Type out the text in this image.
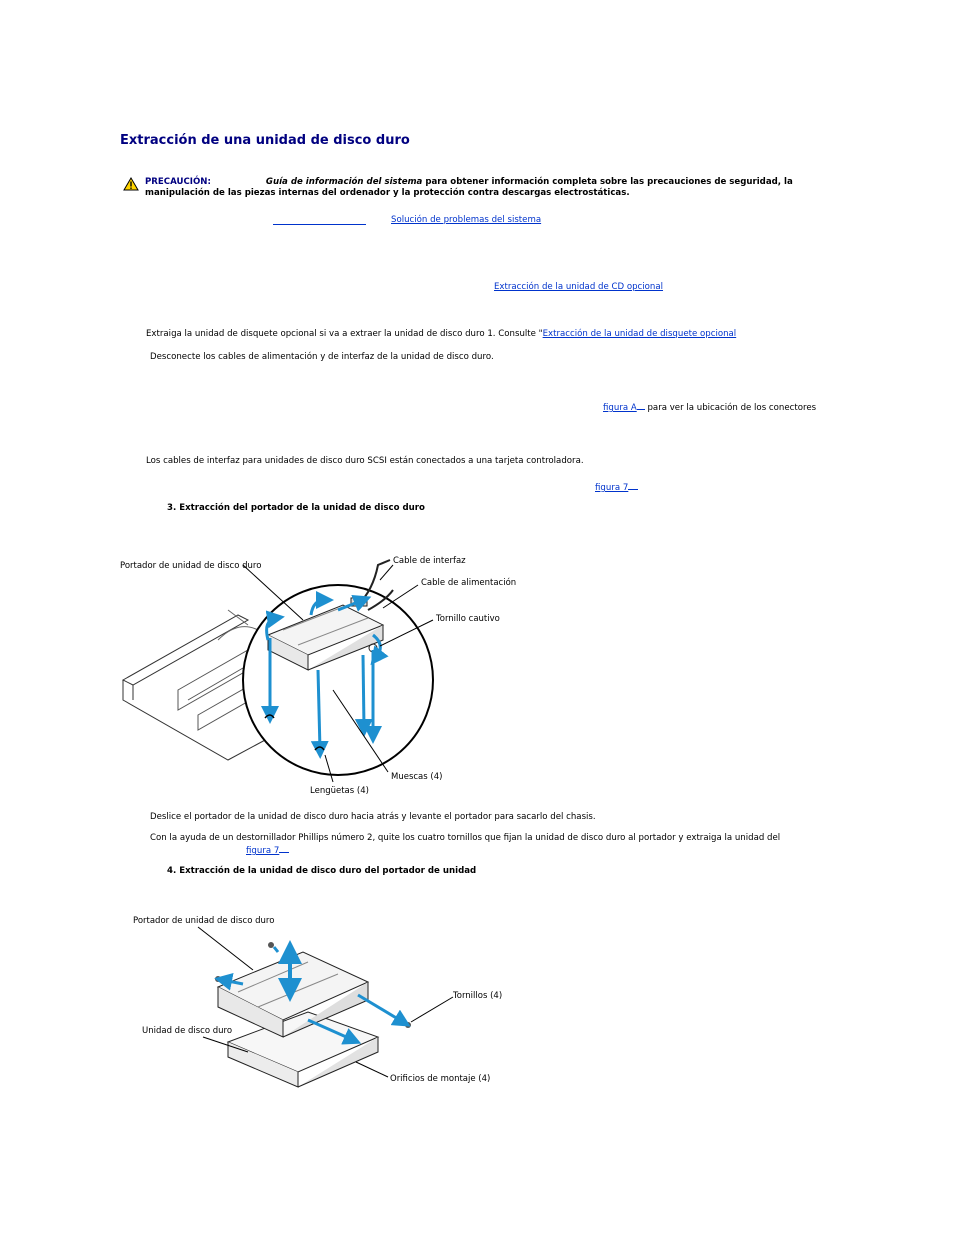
Extracción de una unidad de disco duro
PRECAUCIÓN:	Guía de información del sistema para obtener información completa sobre las precauciones de seguridad, la manipulación de las piezas internas del ordenador y la protección contra descargas electrostáticas.
Solución de problemas del sistema
Extracción de la unidad de CD opcional
Extraiga la unidad de disquete opcional si va a extraer la unidad de disco duro 1. Consulte "Extracción de la unidad de disquete opcional
Desconecte los cables de alimentación y de interfaz de la unidad de disco duro.
figura A para ver la ubicación de los conectores
Los cables de interfaz para unidades de disco duro SCSI están conectados a una tarjeta controladora.
figura 7
3. Extracción del portador de la unidad de disco duro
Portador de unidad de disco duro	Cable de interfaz
Cable de alimentación
Tornillo cautivo
Muescas (4)
Lengüetas (4)
Deslice el portador de la unidad de disco duro hacia atrás y levante el portador para sacarlo del chasis.
Con la ayuda de un destornillador Phillips número 2, quite los cuatro tornillos que fijan la unidad de disco duro al portador y extraiga la unidad del
figura 7
4. Extracción de la unidad de disco duro del portador de unidad
Portador de unidad de disco duro
Tornillos (4)
Unidad de disco duro
Orificios de montaje (4)
